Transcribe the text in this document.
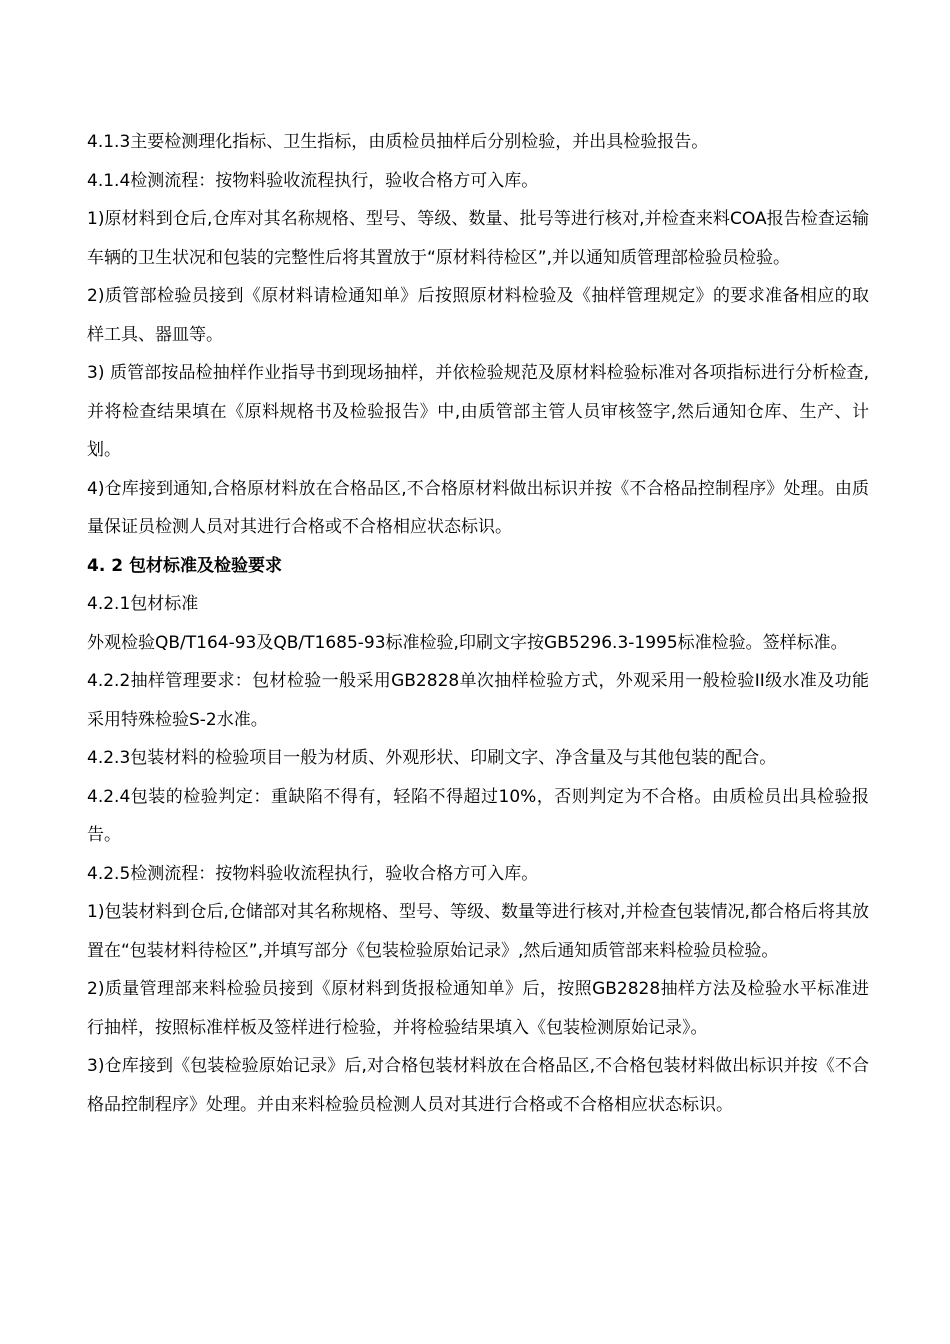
4.1.3主要检测理化指标、卫生指标，由质检员抽样后分别检验，并出具检验报告。

4.1.4检测流程：按物料验收流程执行，验收合格方可入库。

1)原材料到仓后,仓库对其名称规格、型号、等级、数量、批号等进行核对,并检查来料COA报告检查运输车辆的卫生状况和包装的完整性后将其置放于“原材料待检区”,并以通知质管理部检验员检验。

2)质管部检验员接到《原材料请检通知单》后按照原材料检验及《抽样管理规定》的要求准备相应的取样工具、器皿等。

3) 质管部按品检抽样作业指导书到现场抽样，并依检验规范及原材料检验标准对各项指标进行分析检查,并将检查结果填在《原料规格书及检验报告》中,由质管部主管人员审核签字,然后通知仓库、生产、计划。

4)仓库接到通知,合格原材料放在合格品区,不合格原材料做出标识并按《不合格品控制程序》处理。由质量保证员检测人员对其进行合格或不合格相应状态标识。

4. 2 包材标准及检验要求

4.2.1包材标准

外观检验QB/T164-93及QB/T1685-93标准检验,印刷文字按GB5296.3-1995标准检验。签样标准。

4.2.2抽样管理要求：包材检验一般采用GB2828单次抽样检验方式，外观采用一般检验II级水准及功能采用特殊检验S-2水准。

4.2.3包装材料的检验项目一般为材质、外观形状、印刷文字、净含量及与其他包装的配合。

4.2.4包装的检验判定：重缺陷不得有，轻陷不得超过10%，否则判定为不合格。由质检员出具检验报告。

4.2.5检测流程：按物料验收流程执行，验收合格方可入库。

1)包装材料到仓后,仓储部对其名称规格、型号、等级、数量等进行核对,并检查包装情况,都合格后将其放置在“包装材料待检区”,并填写部分《包装检验原始记录》,然后通知质管部来料检验员检验。

2)质量管理部来料检验员接到《原材料到货报检通知单》后，按照GB2828抽样方法及检验水平标准进行抽样，按照标准样板及签样进行检验，并将检验结果填入《包装检测原始记录》。

3)仓库接到《包装检验原始记录》后,对合格包装材料放在合格品区,不合格包装材料做出标识并按《不合格品控制程序》处理。并由来料检验员检测人员对其进行合格或不合格相应状态标识。
